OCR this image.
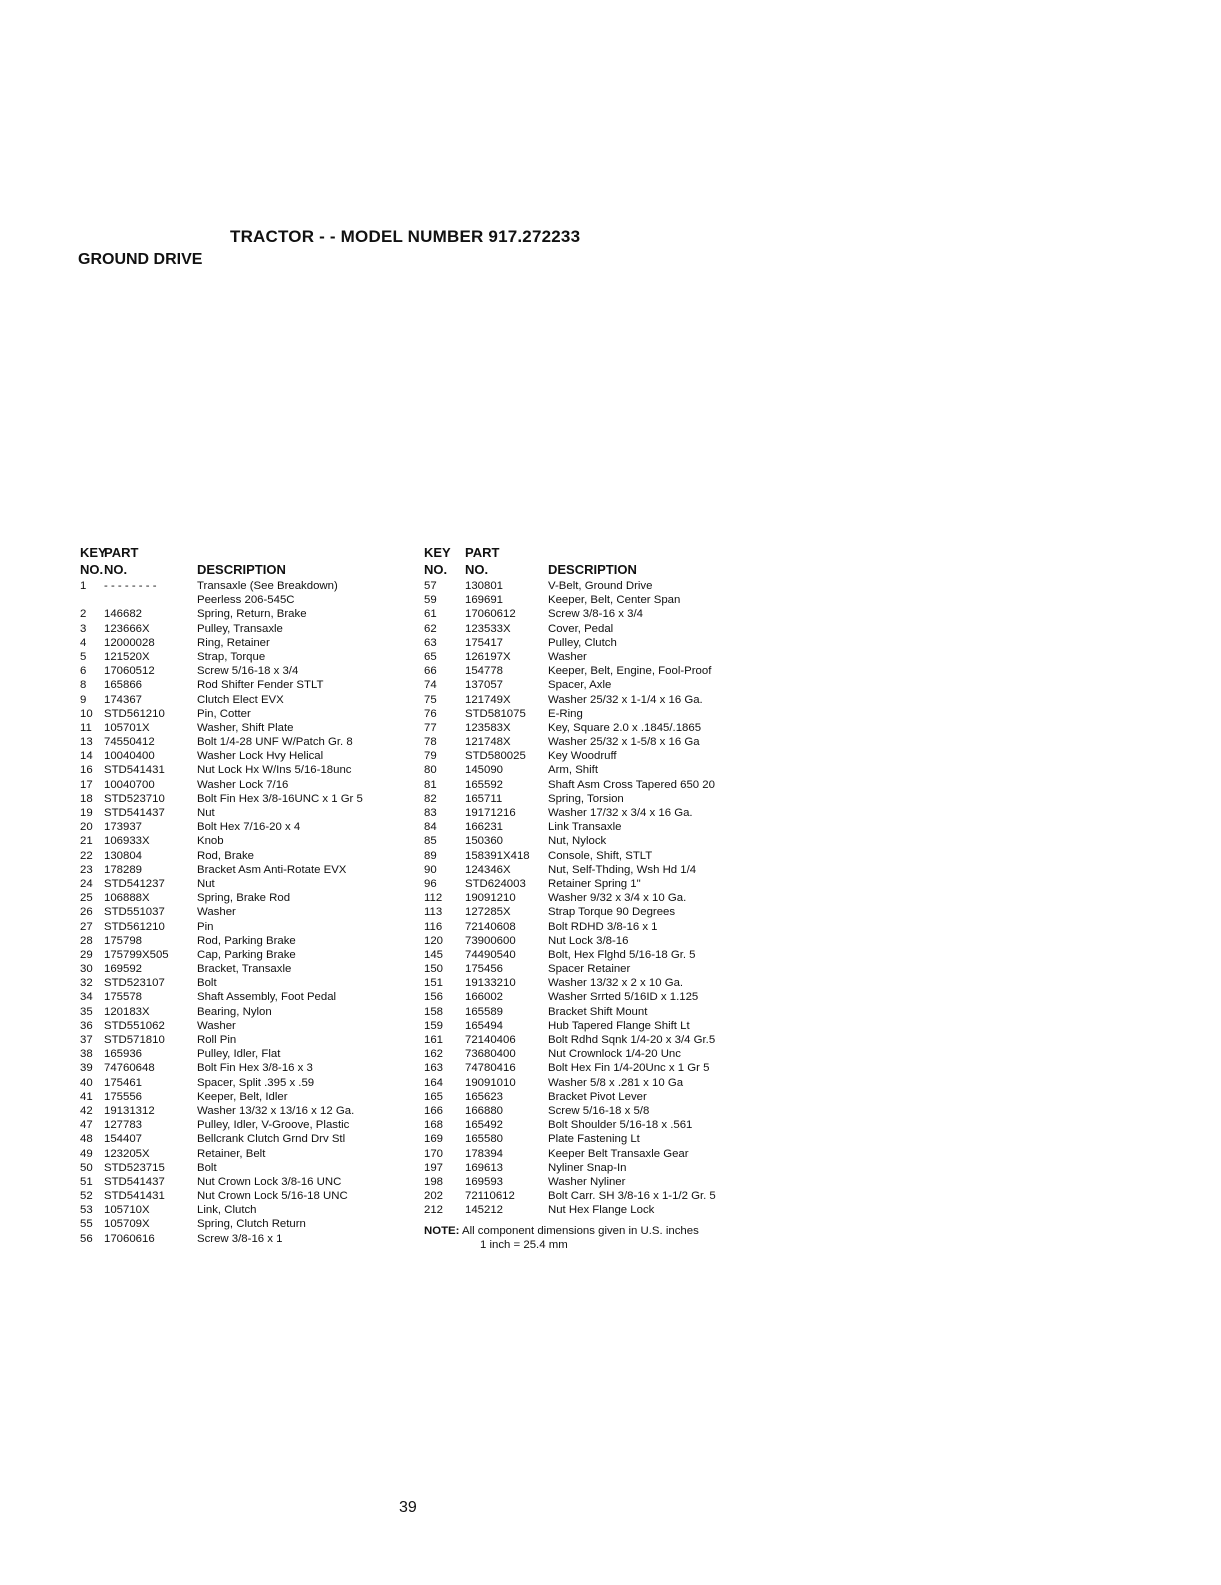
TRACTOR - - MODEL NUMBER 917.272233
GROUND DRIVE
KEY
NO.
PART
NO.	DESCRIPTION
1 - - - - - - - -	Transaxle (See Breakdown)
Peerless 206-545C
2 146682	Spring, Return, Brake
3 123666X	Pulley, Transaxle
4 12000028	Ring, Retainer
5 121520X	Strap, Torque
6 17060512	Screw 5/16-18 x 3/4
8 165866	Rod Shifter Fender STLT
9 174367	Clutch Elect EVX
10 STD561210	Pin, Cotter
11 105701X	Washer, Shift Plate
13 74550412	Bolt 1/4-28 UNF W/Patch Gr. 8
14 10040400	Washer Lock Hvy Helical
16 STD541431	Nut Lock Hx W/Ins 5/16-18unc
17 10040700	Washer Lock 7/16
18 STD523710	Bolt Fin Hex 3/8-16UNC x 1 Gr 5
19 STD541437	Nut
20 173937	Bolt Hex 7/16-20 x 4
21 106933X	Knob
22 130804	Rod, Brake
23 178289	Bracket Asm Anti-Rotate EVX
24 STD541237	Nut
25 106888X	Spring, Brake Rod
26 STD551037	Washer
27 STD561210	Pin
28 175798	Rod, Parking Brake
29 175799X505 Cap, Parking Brake
30 169592	Bracket, Transaxle
32 STD523107	Bolt
34 175578	Shaft Assembly, Foot Pedal
35 120183X	Bearing, Nylon
36 STD551062	Washer
37 STD571810	Roll Pin
38 165936	Pulley, Idler, Flat
39 74760648	Bolt Fin Hex 3/8-16 x 3
40 175461	Spacer, Split .395 x .59
41 175556	Keeper, Belt, Idler
42 19131312	Washer 13/32 x 13/16 x 12 Ga.
47 127783	Pulley, Idler, V-Groove, Plastic
48 154407	Bellcrank Clutch Grnd Drv Stl
49 123205X	Retainer, Belt
50 STD523715	Bolt
51 STD541437	Nut Crown Lock 3/8-16 UNC
52 STD541431	Nut Crown Lock 5/16-18 UNC
53 105710X	Link, Clutch
55 105709X	Spring, Clutch Return
56 17060616	Screw 3/8-16 x 1
KEY
NO.
PART
NO.	DESCRIPTION
57 130801	V-Belt, Ground Drive
59 169691	Keeper, Belt, Center Span
61 17060612	Screw 3/8-16 x 3/4
62 123533X	Cover, Pedal
63 175417	Pulley, Clutch
65 126197X	Washer
66 154778	Keeper, Belt, Engine, Fool-Proof
74 137057	Spacer, Axle
75 121749X	Washer 25/32 x 1-1/4 x 16 Ga.
76 STD581075 E-Ring
77 123583X	Key, Square 2.0 x .1845/.1865
78 121748X	Washer 25/32 x 1-5/8 x 16 Ga
79 STD580025 Key Woodruff
80 145090	Arm, Shift
81 165592	Shaft Asm Cross Tapered 650 20
82 165711	Spring, Torsion
83 19171216	Washer 17/32 x 3/4 x 16 Ga.
84 166231	Link Transaxle
85 150360	Nut, Nylock
89 158391X418 Console, Shift, STLT
90 124346X	Nut, Self-Thding, Wsh Hd 1/4
96 STD624003 Retainer Spring 1"
112 19091210	Washer 9/32 x 3/4 x 10 Ga.
113 127285X	Strap Torque 90 Degrees
116 72140608	Bolt RDHD 3/8-16 x 1
120 73900600	Nut Lock 3/8-16
145 74490540	Bolt, Hex Flghd 5/16-18 Gr. 5
150 175456	Spacer Retainer
151 19133210	Washer 13/32 x 2 x 10 Ga.
156 166002	Washer Srrted 5/16ID x 1.125
158 165589	Bracket Shift Mount
159 165494	Hub Tapered Flange Shift Lt
161 72140406	Bolt Rdhd Sqnk 1/4-20 x 3/4 Gr.5
162 73680400	Nut Crownlock 1/4-20 Unc
163 74780416	Bolt Hex Fin 1/4-20Unc x 1 Gr 5
164 19091010	Washer 5/8 x .281 x 10 Ga
165 165623	Bracket Pivot Lever
166 166880	Screw 5/16-18 x 5/8
168 165492	Bolt Shoulder 5/16-18 x .561
169 165580	Plate Fastening Lt
170 178394	Keeper Belt Transaxle Gear
197 169613	Nyliner Snap-In
198 169593	Washer Nyliner
202 72110612	Bolt Carr. SH 3/8-16 x 1-1/2 Gr. 5
212 145212	Nut Hex Flange Lock
NOTE: All component dimensions given in U.S. inches
1 inch = 25.4 mm
39
